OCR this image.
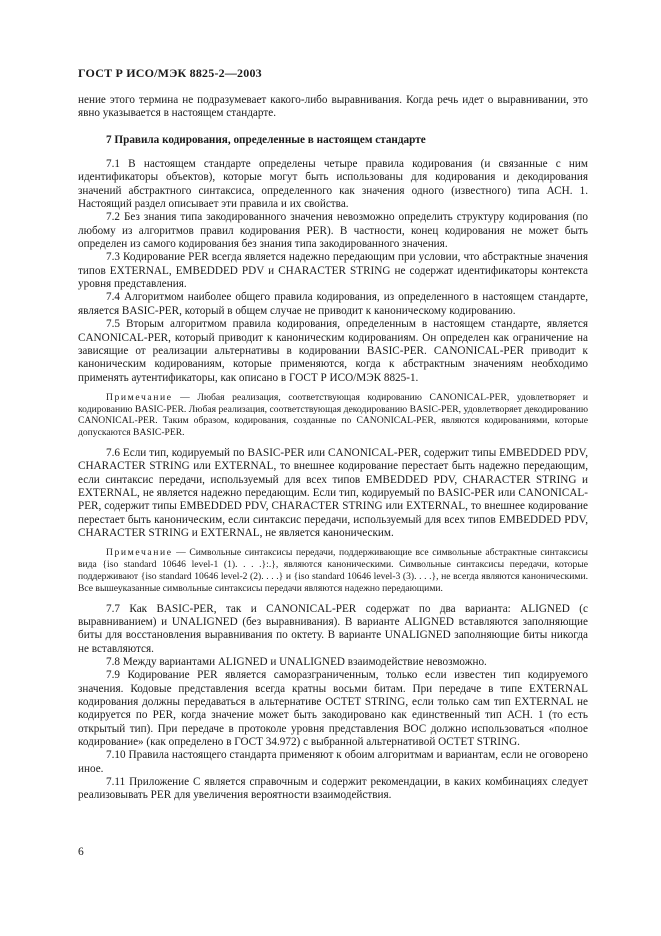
ГОСТ Р ИСО/МЭК 8825-2—2003

нение этого термина не подразумевает какого-либо выравнивания. Когда речь идет о выравнивании, это явно указывается в настоящем стандарте.

7 Правила кодирования, определенные в настоящем стандарте

7.1 В настоящем стандарте определены четыре правила кодирования (и связанные с ним идентификаторы объектов), которые могут быть использованы для кодирования и декодирования значений абстрактного синтаксиса, определенного как значения одного (известного) типа АСН. 1. Настоящий раздел описывает эти правила и их свойства.

7.2 Без знания типа закодированного значения невозможно определить структуру кодирования (по любому из алгоритмов правил кодирования PER). В частности, конец кодирования не может быть определен из самого кодирования без знания типа закодированного значения.

7.3 Кодирование PER всегда является надежно передающим при условии, что абстрактные значения типов EXTERNAL, EMBEDDED PDV и CHARACTER STRING не содержат идентификаторы контекста уровня представления.

7.4 Алгоритмом наиболее общего правила кодирования, из определенного в настоящем стандарте, является BASIC-PER, который в общем случае не приводит к каноническому кодированию.

7.5 Вторым алгоритмом правила кодирования, определенным в настоящем стандарте, является CANONICAL-PER, который приводит к каноническим кодированиям. Он определен как ограничение на зависящие от реализации альтернативы в кодировании BASIC-PER. CANONICAL-PER приводит к каноническим кодированиям, которые применяются, когда к абстрактным значениям необходимо применять аутентификаторы, как описано в ГОСТ Р ИСО/МЭК 8825-1.

Примечание — Любая реализация, соответствующая кодированию CANONICAL-PER, удовлетворяет и кодированию BASIC-PER. Любая реализация, соответствующая декодированию BASIC-PER, удовлетворяет декодированию CANONICAL-PER. Таким образом, кодирования, созданные по CANONICAL-PER, являются кодированиями, которые допускаются BASIC-PER.

7.6 Если тип, кодируемый по BASIC-PER или CANONICAL-PER, содержит типы EMBEDDED PDV, CHARACTER STRING или EXTERNAL, то внешнее кодирование перестает быть надежно передающим, если синтаксис передачи, используемый для всех типов EMBEDDED PDV, CHARACTER STRING и EXTERNAL, не является надежно передающим. Если тип, кодируемый по BASIC-PER или CANONICAL-PER, содержит типы EMBEDDED PDV, CHARACTER STRING или EXTERNAL, то внешнее кодирование перестает быть каноническим, если синтаксис передачи, используемый для всех типов EMBEDDED PDV, CHARACTER STRING и EXTERNAL, не является каноническим.

Примечание — Символьные синтаксисы передачи, поддерживающие все символьные абстрактные синтаксисы вида {iso standard 10646 level-1 (1). . . .}:.}, являются каноническими. Символьные синтаксисы передачи, которые поддерживают {iso standard 10646 level-2 (2). . . .} и {iso standard 10646 level-3 (3). . . .}, не всегда являются каноническими. Все вышеуказанные символьные синтаксисы передачи являются надежно передающими.

7.7 Как BASIC-PER, так и CANONICAL-PER содержат по два варианта: ALIGNED (с выравниванием) и UNALIGNED (без выравнивания). В варианте ALIGNED вставляются заполняющие биты для восстановления выравнивания по октету. В варианте UNALIGNED заполняющие биты никогда не вставляются.

7.8 Между вариантами ALIGNED и UNALIGNED взаимодействие невозможно.

7.9 Кодирование PER является саморазграниченным, только если известен тип кодируемого значения. Кодовые представления всегда кратны восьми битам. При передаче в типе EXTERNAL кодирования должны передаваться в альтернативе OCTET STRING, если только сам тип EXTERNAL не кодируется по PER, когда значение может быть закодировано как единственный тип АСН. 1 (то есть открытый тип). При передаче в протоколе уровня представления ВОС должно использоваться «полное кодирование» (как определено в ГОСТ 34.972) с выбранной альтернативой OCTET STRING.

7.10 Правила настоящего стандарта применяют к обоим алгоритмам и вариантам, если не оговорено иное.

7.11 Приложение С является справочным и содержит рекомендации, в каких комбинациях следует реализовывать PER для увеличения вероятности взаимодействия.

6
